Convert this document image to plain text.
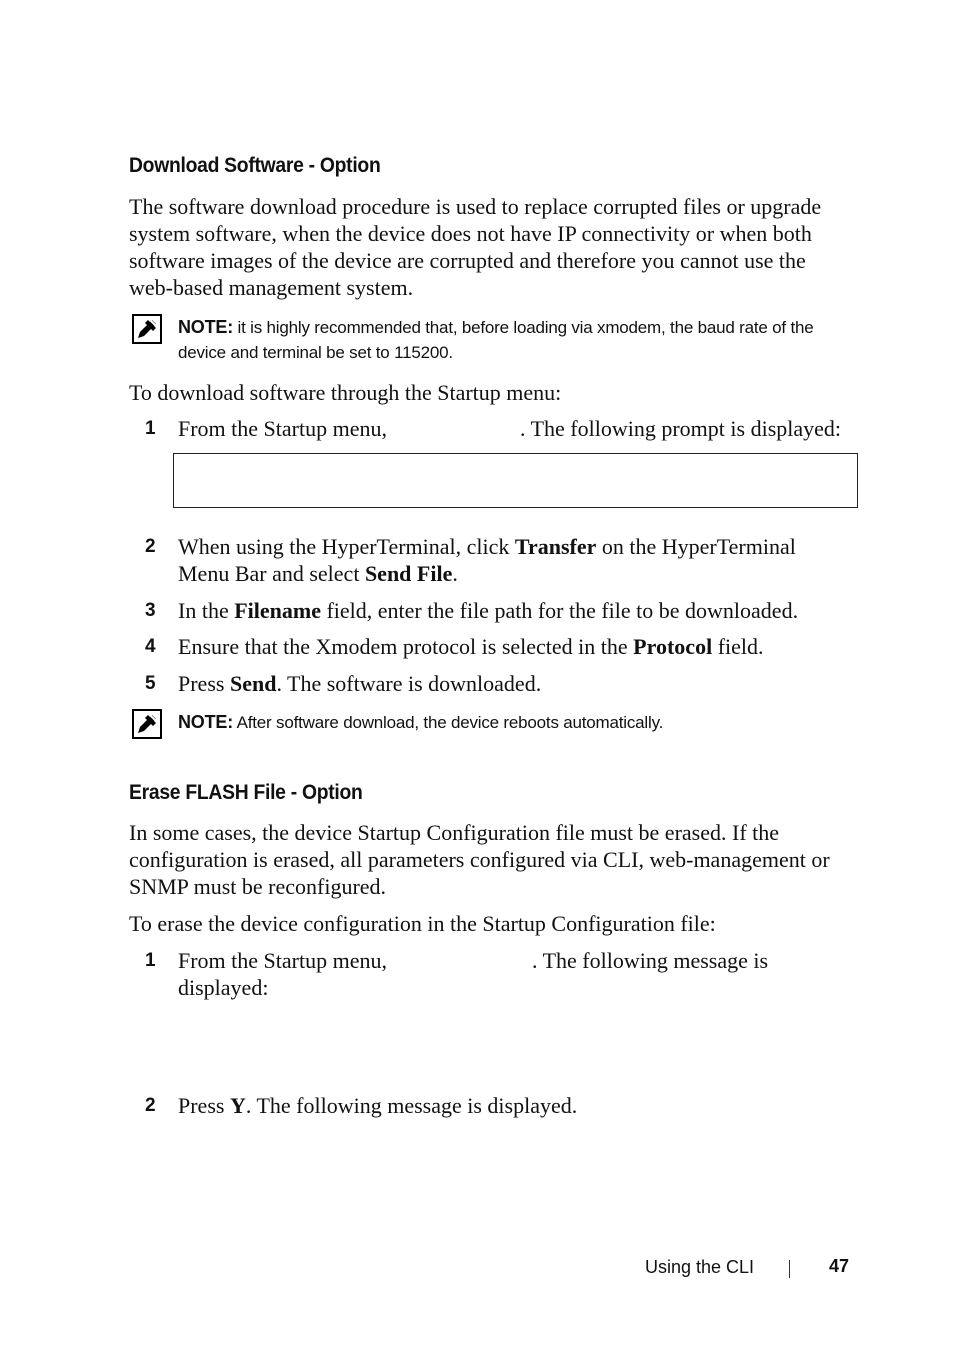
Download Software - Option
The software download procedure is used to replace corrupted files or upgrade system software, when the device does not have IP connectivity or when both software images of the device are corrupted and therefore you cannot use the web-based management system.
NOTE: it is highly recommended that, before loading via xmodem, the baud rate of the device and terminal be set to 115200.
To download software through the Startup menu:
1	From the Startup menu,	. The following prompt is displayed:
2	When using the HyperTerminal, click Transfer on the HyperTerminal Menu Bar and select Send File.
3	In the Filename field, enter the file path for the file to be downloaded.
4	Ensure that the Xmodem protocol is selected in the Protocol field.
5	Press Send. The software is downloaded.
NOTE: After software download, the device reboots automatically.
Erase FLASH File - Option
In some cases, the device Startup Configuration file must be erased. If the configuration is erased, all parameters configured via CLI, web-management or SNMP must be reconfigured.
To erase the device configuration in the Startup Configuration file:
1	From the Startup menu,	. The following message is
displayed:
2	Press Y. The following message is displayed.
Using the CLI	47
